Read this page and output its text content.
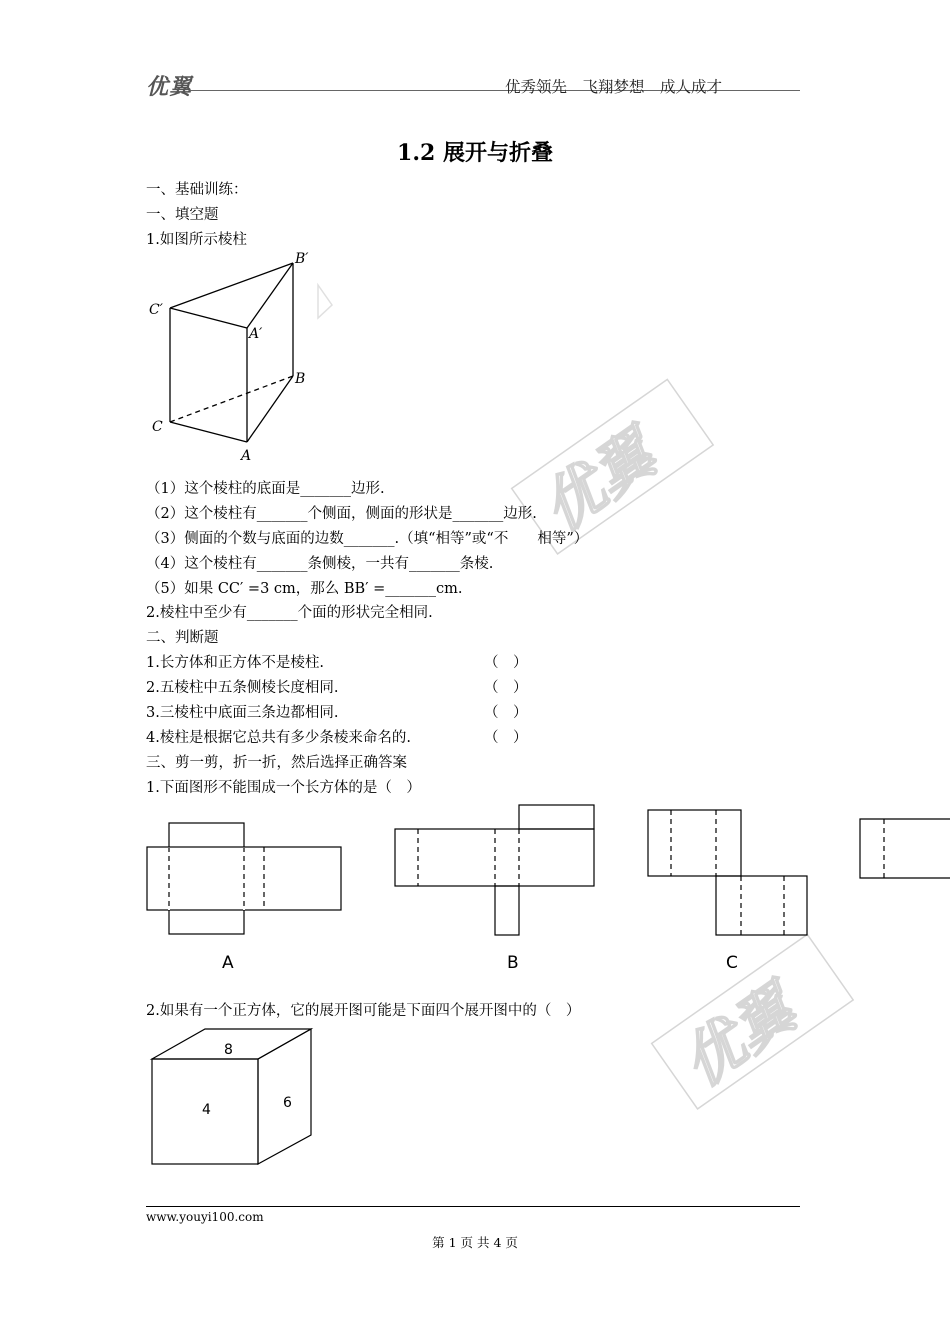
优翼
优翼
优翼	优秀领先　飞翔梦想　成人成才
1.2 展开与折叠
一、基础训练：
一、填空题
1.如图所示棱柱
B′
C′
A′
B
C
A
（1）这个棱柱的底面是_______边形.
（2）这个棱柱有_______个侧面，侧面的形状是_______边形.
（3）侧面的个数与底面的边数_______.（填“相等”或“不　　相等”）
（4）这个棱柱有_______条侧棱，一共有_______条棱.
（5）如果 CC′ =3 cm，那么 BB′ =_______cm.
2.棱柱中至少有_______个面的形状完全相同.
二、判断题
1.长方体和正方体不是棱柱.	（　）
2.五棱柱中五条侧棱长度相同.	（　）
3.三棱柱中底面三条边都相同.	（　）
4.棱柱是根据它总共有多少条棱来命名的.	（　）
三、剪一剪，折一折，然后选择正确答案
1.下面图形不能围成一个长方体的是（　）
A	B	C
2.如果有一个正方体，它的展开图可能是下面四个展开图中的（　）
8
4	6
www.youyi100.com
第 1 页 共 4 页
